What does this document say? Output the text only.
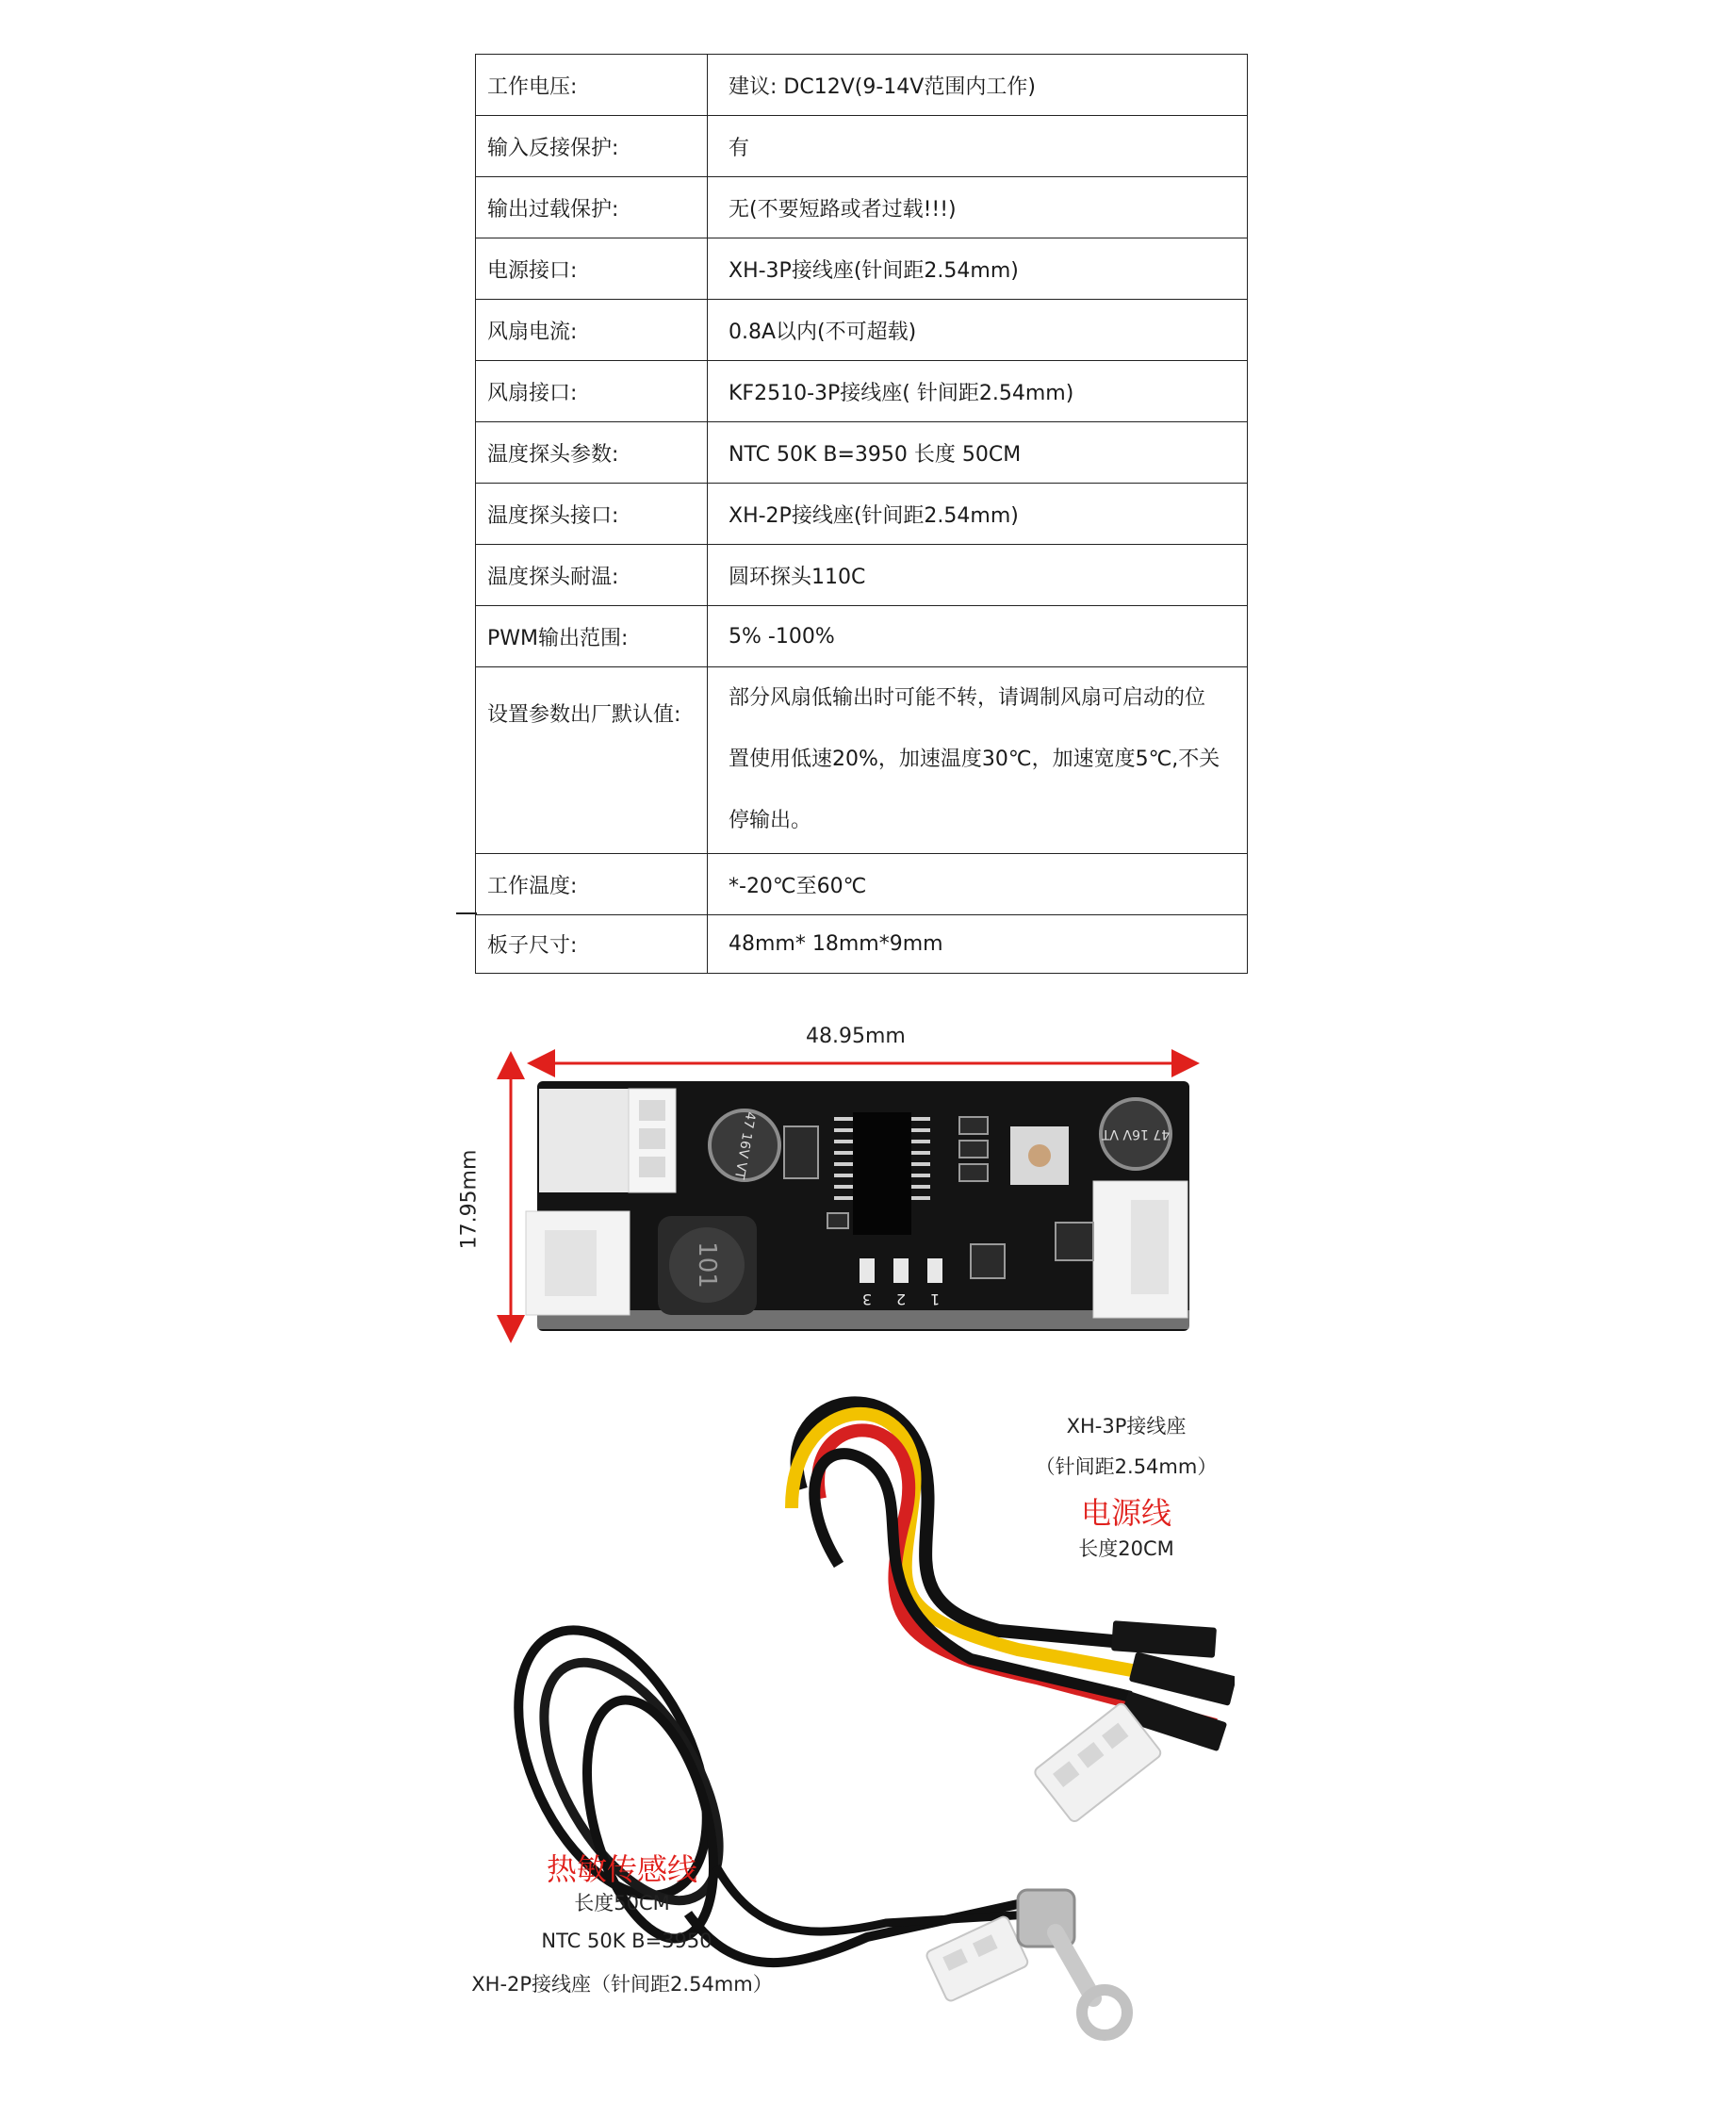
工作电压:	建议: DC12V(9-14V范围内工作)
输入反接保护:	有
输出过载保护:	无(不要短路或者过载!!!)
电源接口:	XH-3P接线座(针间距2.54mm)
风扇电流:	0.8A以内(不可超载)
风扇接口:	KF2510-3P接线座( 针间距2.54mm)
温度探头参数:	NTC 50K B=3950 长度 50CM
温度探头接口:	XH-2P接线座(针间距2.54mm)
温度探头耐温:	圆环探头110C
PWM输出范围:	5% -100%
设置参数出厂默认值:	部分风扇低输出时可能不转，请调制风扇可启动的位
置使用低速20%，加速温度30℃，加速宽度5℃,不关
停输出。

工作温度:	*-20℃至60℃
板子尺寸:	48mm* 18mm*9mm
47 16V VT	47 16V VT
101
3 2 1
48.95mm
17.95mm
XH-3P接线座
（针间距2.54mm）
电源线
长度20CM
热敏传感线
长度50CM
NTC 50K B=3950
XH-2P接线座（针间距2.54mm）
